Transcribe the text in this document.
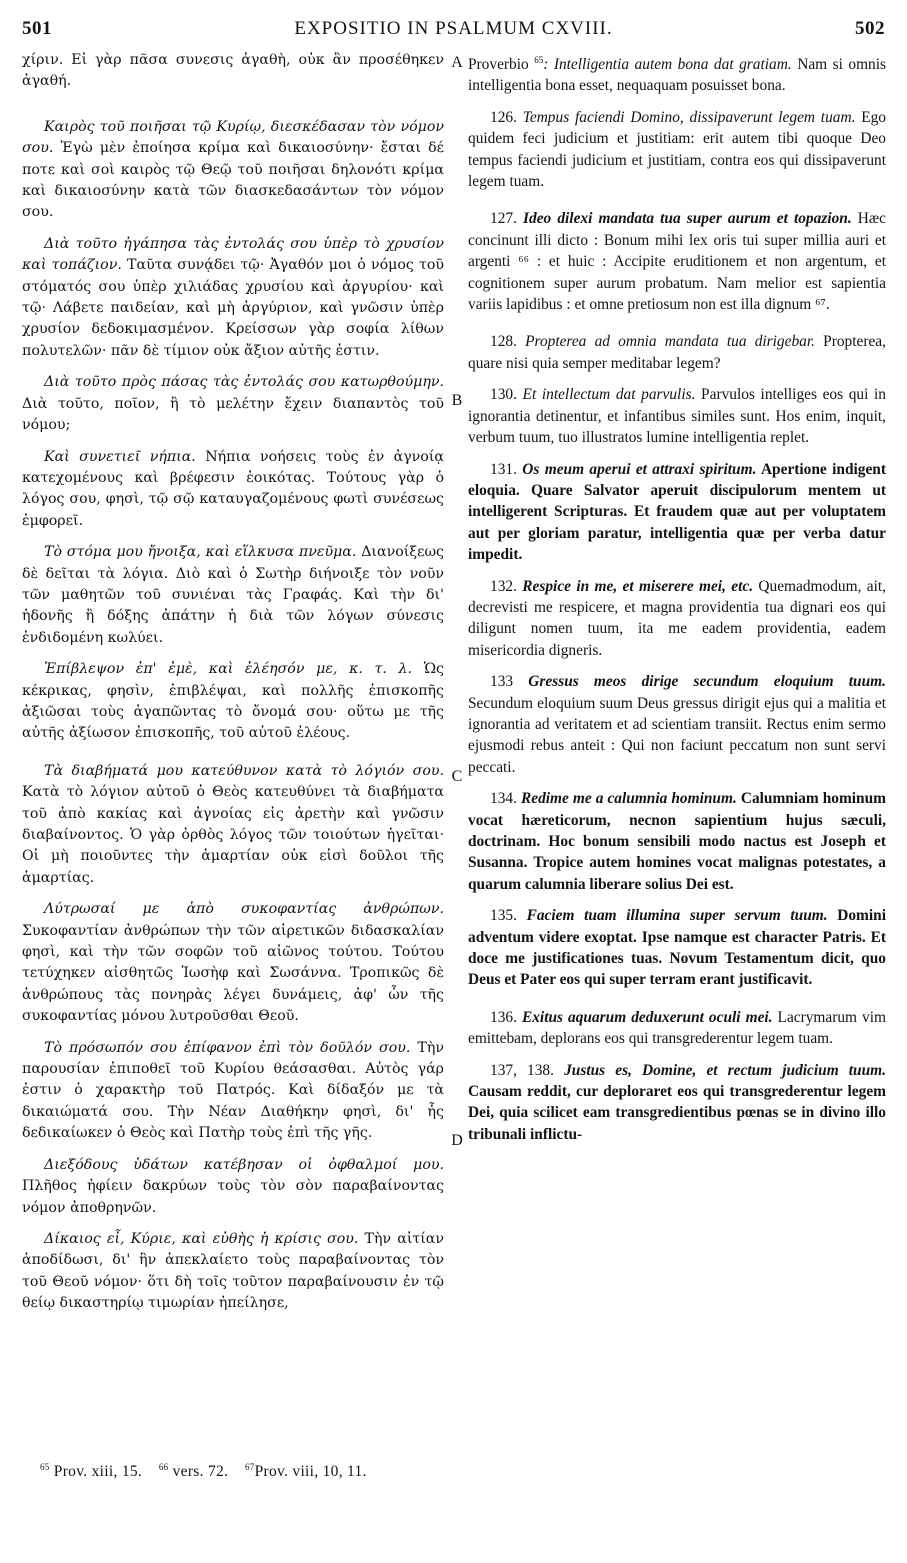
501	EXPOSITIO IN PSALMUM CXVIII.	502

χίριν. Εἰ γὰρ πᾶσα συνεσις ἀγαθὴ, οὐκ ἂν προσέθηκεν ἀγαθή.

Καιρὸς τοῦ ποιῆσαι τῷ Κυρίῳ, διεσκέδασαν τὸν νόμον σου. Ἐγὼ μὲν ἐποίησα κρίμα καὶ δικαιοσύνην· ἔσται δέ ποτε καὶ σοὶ καιρὸς τῷ Θεῷ τοῦ ποιῆσαι δηλονότι κρίμα καὶ δικαιοσύνην κατὰ τῶν διασκεδασάντων τὸν νόμον σου.

Διὰ τοῦτο ἠγάπησα τὰς ἐντολάς σου ὑπὲρ τὸ χρυσίον καὶ τοπάζιον. Ταῦτα συνᾴδει τῷ· Ἀγαθόν μοι ὁ νόμος τοῦ στόματός σου ὑπὲρ χιλιάδας χρυσίου καὶ ἀργυρίου· καὶ τῷ· Λάβετε παιδείαν, καὶ μὴ ἀργύριον, καὶ γνῶσιν ὑπὲρ χρυσίον δεδοκιμασμένον. Κρείσσων γὰρ σοφία λίθων πολυτελῶν· πᾶν δὲ τίμιον οὐκ ἄξιον αὐτῆς ἐστιν.

Διὰ τοῦτο πρὸς πάσας τὰς ἐντολάς σου κατωρθούμην. Διὰ τοῦτο, ποῖον, ἢ τὸ μελέτην ἔχειν διαπαντὸς τοῦ νόμου;

Καὶ συνετιεῖ νήπια. Νήπια νοήσεις τοὺς ἐν ἀγνοίᾳ κατεχομένους καὶ βρέφεσιν ἐοικότας. Τούτους γὰρ ὁ λόγος σου, φησὶ, τῷ σῷ καταυγαζομένους φωτὶ συνέσεως ἐμφορεῖ.

Τὸ στόμα μου ἤνοιξα, καὶ εἵλκυσα πνεῦμα. Διανοίξεως δὲ δεῖται τὰ λόγια. Διὸ καὶ ὁ Σωτὴρ διήνοιξε τὸν νοῦν τῶν μαθητῶν τοῦ συνιέναι τὰς Γραφάς. Καὶ τὴν δι' ἡδονῆς ἢ δόξης ἀπάτην ἡ διὰ τῶν λόγων σύνεσις ἐνδιδομένη κωλύει.

Ἐπίβλεψον ἐπ' ἐμὲ, καὶ ἐλέησόν με, κ. τ. λ. Ὡς κέκρικας, φησὶν, ἐπιβλέψαι, καὶ πολλῆς ἐπισκοπῆς ἀξιῶσαι τοὺς ἀγαπῶντας τὸ ὄνομά σου· οὕτω με τῆς αὐτῆς ἀξίωσον ἐπισκοπῆς, τοῦ αὐτοῦ ἐλέους.

Τὰ διαβήματά μου κατεύθυνον κατὰ τὸ λόγιόν σου. Κατὰ τὸ λόγιον αὐτοῦ ὁ Θεὸς κατευθύνει τὰ διαβήματα τοῦ ἀπὸ κακίας καὶ ἀγνοίας εἰς ἀρετὴν καὶ γνῶσιν διαβαίνοντος. Ὁ γὰρ ὀρθὸς λόγος τῶν τοιούτων ἡγεῖται· Οἱ μὴ ποιοῦντες τὴν ἁμαρτίαν οὐκ εἰσὶ δοῦλοι τῆς ἁμαρτίας.

Λύτρωσαί με ἀπὸ συκοφαντίας ἀνθρώπων. Συκοφαντίαν ἀνθρώπων τὴν τῶν αἱρετικῶν διδασκαλίαν φησὶ, καὶ τὴν τῶν σοφῶν τοῦ αἰῶνος τούτου. Τούτου τετύχηκεν αἰσθητῶς Ἰωσὴφ καὶ Σωσάννα. Τροπικῶς δὲ ἀνθρώπους τὰς πονηρὰς λέγει δυνάμεις, ἀφ' ὧν τῆς συκοφαντίας μόνου λυτροῦσθαι Θεοῦ.

Τὸ πρόσωπόν σου ἐπίφανον ἐπὶ τὸν δοῦλόν σου. Τὴν παρουσίαν ἐπιποθεῖ τοῦ Κυρίου θεάσασθαι. Αὐτὸς γάρ ἐστιν ὁ χαρακτὴρ τοῦ Πατρός. Καὶ δίδαξόν με τὰ δικαιώματά σου. Τὴν Νέαν Διαθήκην φησὶ, δι' ἧς δεδικαίωκεν ὁ Θεὸς καὶ Πατὴρ τοὺς ἐπὶ τῆς γῆς.

Διεξόδους ὑδάτων κατέβησαν οἱ ὀφθαλμοί μου. Πλῆθος ἠφίειν δακρύων τοὺς τὸν σὸν παραβαίνοντας νόμον ἀποθρηνῶν.

Δίκαιος εἶ, Κύριε, καὶ εὐθὴς ἡ κρίσις σου. Τὴν αἰτίαν ἀποδίδωσι, δι' ἣν ἀπεκλαίετο τοὺς παραβαίνοντας τὸν τοῦ Θεοῦ νόμον· ὅτι δὴ τοῖς τοῦτον παραβαίνουσιν ἐν τῷ θείῳ δικαστηρίῳ τιμωρίαν ἠπείλησε,

A
B
C
D

Proverbio $^{65}$: Intelligentia autem bona dat gratiam. Nam si omnis intelligentia bona esset, nequaquam posuisset bona.

126. Tempus faciendi Domino, dissipaverunt legem tuam. Ego quidem feci judicium et justitiam: erit autem tibi quoque Deo tempus faciendi judicium et justitiam, contra eos qui dissipaverunt legem tuam.

127. Ideo dilexi mandata tua super aurum et topazion. Hæc concinunt illi dicto : Bonum mihi lex oris tui super millia auri et argenti ⁶⁶ : et huic : Accipite eruditionem et non argentum, et cognitionem super aurum probatum. Nam melior est sapientia variis lapidibus : et omne pretiosum non est illa dignum ⁶⁷.

128. Propterea ad omnia mandata tua dirigebar. Propterea, quare nisi quia semper meditabar legem?

130. Et intellectum dat parvulis. Parvulos intelliges eos qui in ignorantia detinentur, et infantibus similes sunt. Hos enim, inquit, verbum tuum, tuo illustratos lumine intelligentia replet.

131. Os meum aperui et attraxi spiritum. Apertione indigent eloquia. Quare Salvator aperuit discipulorum mentem ut intelligerent Scripturas. Et fraudem quæ aut per voluptatem aut per gloriam paratur, intelligentia quæ per verba datur impedit.

132. Respice in me, et miserere mei, etc. Quemadmodum, ait, decrevisti me respicere, et magna providentia tua dignari eos qui diligunt nomen tuum, ita me eadem providentia, eadem misericordia digneris.

133 Gressus meos dirige secundum eloquium tuum. Secundum eloquium suum Deus gressus dirigit ejus qui a malitia et ignorantia ad veritatem et ad scientiam transiit. Rectus enim sermo ejusmodi rebus anteit : Qui non faciunt peccatum non sunt servi peccati.

134. Redime me a calumnia hominum. Calumniam hominum vocat hæreticorum, necnon sapientium hujus sæculi, doctrinam. Hoc bonum sensibili modo nactus est Joseph et Susanna. Tropice autem homines vocat malignas potestates, a quarum calumnia liberare solius Dei est.

135. Faciem tuam illumina super servum tuum. Domini adventum videre exoptat. Ipse namque est character Patris. Et doce me justificationes tuas. Novum Testamentum dicit, quo Deus et Pater eos qui super terram erant justificavit.

136. Exitus aquarum deduxerunt oculi mei. Lacrymarum vim emittebam, deplorans eos qui transgrederentur legem tuam.

137, 138. Justus es, Domine, et rectum judicium tuum. Causam reddit, cur deploraret eos qui transgrederentur legem Dei, quia scilicet eam transgredientibus pœnas se in divino illo tribunali inflictu-

$^{65}$ Prov. xiii, 15. $^{66}$ vers. 72. $^{67}$Prov. viii, 10, 11.
